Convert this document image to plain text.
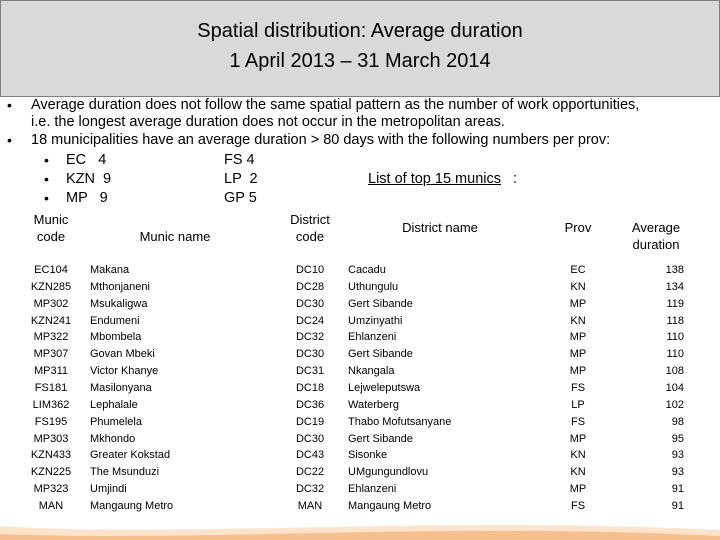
Spatial distribution: Average duration
1 April 2013 – 31 March 2014
• Average duration does not follow the same spatial pattern as the number of work opportunities,
i.e. the longest average duration does not occur in the metropolitan areas.
• 18 municipalities have an average duration > 80 days with the following numbers per prov:
• EC   4	FS 4
• KZN  9	LP  2
• MP   9	GP 5
List of top 15 munics :
Munic
code	Munic name
District
code
District name	Prov	Average
duration
EC104	Makana	DC10	Cacadu	EC	138
KZN285	Mthonjaneni	DC28	Uthungulu	KN	134
MP302	Msukaligwa	DC30	Gert Sibande	MP	119
KZN241	Endumeni	DC24	Umzinyathi	KN	118
MP322	Mbombela	DC32	Ehlanzeni	MP	110
MP307	Govan Mbeki	DC30	Gert Sibande	MP	110
MP311	Victor Khanye	DC31	Nkangala	MP	108
FS181	Masilonyana	DC18	Lejweleputswa	FS	104
LIM362	Lephalale	DC36	Waterberg	LP	102
FS195	Phumelela	DC19	Thabo Mofutsanyane	FS	98
MP303	Mkhondo	DC30	Gert Sibande	MP	95
KZN433	Greater Kokstad	DC43	Sisonke	KN	93
KZN225	The Msunduzi	DC22	UMgungundlovu	KN	93
MP323	Umjindi	DC32	Ehlanzeni	MP	91
MAN	Mangaung Metro	MAN	Mangaung Metro	FS	91
